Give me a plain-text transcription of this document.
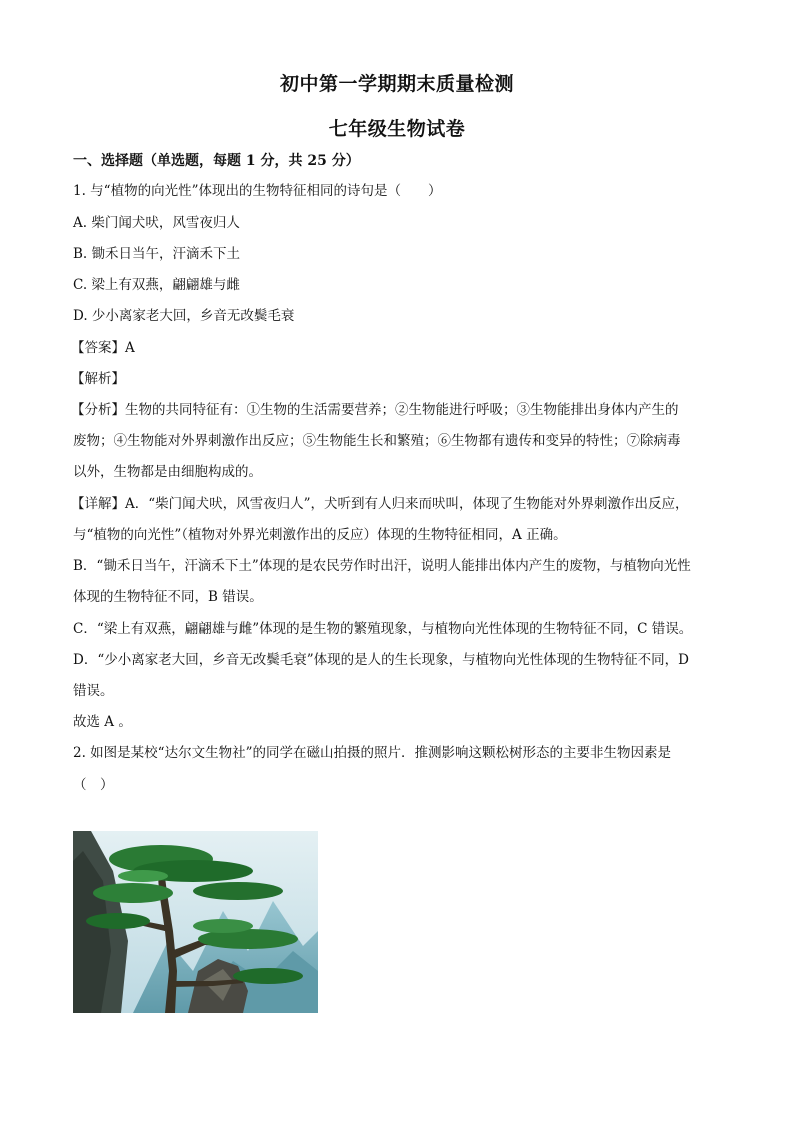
初中第一学期期末质量检测
七年级生物试卷
一、选择题（单选题，每题 1 分，共 25 分）
1. 与“植物的向光性”体现出的生物特征相同的诗句是（　　）
A. 柴门闻犬吠，风雪夜归人
B. 锄禾日当午，汗滴禾下土
C. 梁上有双燕，翩翩雄与雌
D. 少小离家老大回，乡音无改鬓毛衰
【答案】A
【解析】
【分析】生物的共同特征有：①生物的生活需要营养；②生物能进行呼吸；③生物能排出身体内产生的
废物；④生物能对外界刺激作出反应；⑤生物能生长和繁殖；⑥生物都有遗传和变异的特性；⑦除病毒
以外，生物都是由细胞构成的。
【详解】A．“柴门闻犬吠，风雪夜归人”，犬听到有人归来而吠叫，体现了生物能对外界刺激作出反应，
与“植物的向光性”（植物对外界光刺激作出的反应）体现的生物特征相同，A 正确。
B．“锄禾日当午，汗滴禾下土”体现的是农民劳作时出汗，说明人能排出体内产生的废物，与植物向光性
体现的生物特征不同，B 错误。
C．“梁上有双燕，翩翩雄与雌”体现的是生物的繁殖现象，与植物向光性体现的生物特征不同，C 错误。
D．“少小离家老大回，乡音无改鬓毛衰”体现的是人的生长现象，与植物向光性体现的生物特征不同，D
错误。
故选 A 。
2. 如图是某校“达尔文生物社”的同学在磁山拍摄的照片．推测影响这颗松树形态的主要非生物因素是
（　）
